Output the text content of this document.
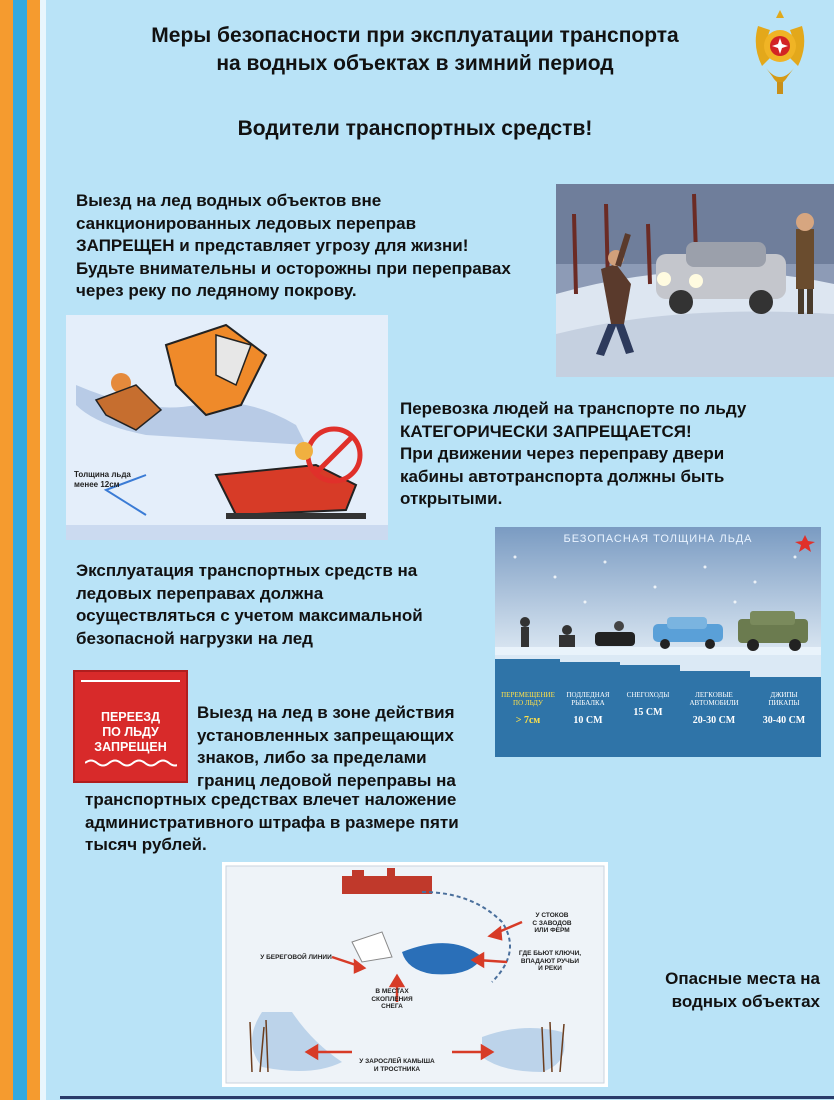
Меры безопасности при эксплуатации транспорта
на водных объектах в зимний период
Водители транспортных средств!
Выезд на лед водных объектов вне
санкционированных ледовых переправ
ЗАПРЕЩЕН и представляет угрозу для жизни!
Будьте внимательны и осторожны при переправах
через реку по ледяному покрову.
Толщина льда
менее 12см
Перевозка людей на транспорте по льду
КАТЕГОРИЧЕСКИ ЗАПРЕЩАЕТСЯ!
При движении через переправу двери
кабины автотранспорта должны быть
открытыми.
Эксплуатация транспортных средств на
ледовых переправах должна
осуществляться с учетом максимальной
безопасной нагрузки на лед
БЕЗОПАСНАЯ ТОЛЩИНА ЛЬДА
ПЕРЕМЕЩЕНИЕ
ПО ЛЬДУ
> 7см
ПОДЛЕДНАЯ
РЫБАЛКА
10 СМ
СНЕГОХОДЫ
15 СМ
ЛЕГКОВЫЕ
АВТОМОБИЛИ
20-30 СМ
ДЖИПЫ
ПИКАПЫ
30-40 СМ
ПЕРЕЕЗД
ПО ЛЬДУ
ЗАПРЕЩЕН
Выезд на лед в зоне действия
установленных запрещающих
знаков, либо за пределами
границ ледовой переправы на
транспортных средствах влечет наложение
административного штрафа в размере пяти
тысяч рублей.
У СТОКОВ
С ЗАВОДОВ
ИЛИ ФЕРМ
ГДЕ БЬЮТ КЛЮЧИ,
ВПАДАЮТ РУЧЬИ
И РЕКИ
У БЕРЕГОВОЙ ЛИНИИ
В МЕСТАХ
СКОПЛЕНИЯ
СНЕГА
У ЗАРОСЛЕЙ КАМЫША
И ТРОСТНИКА
Опасные места на
водных объектах
